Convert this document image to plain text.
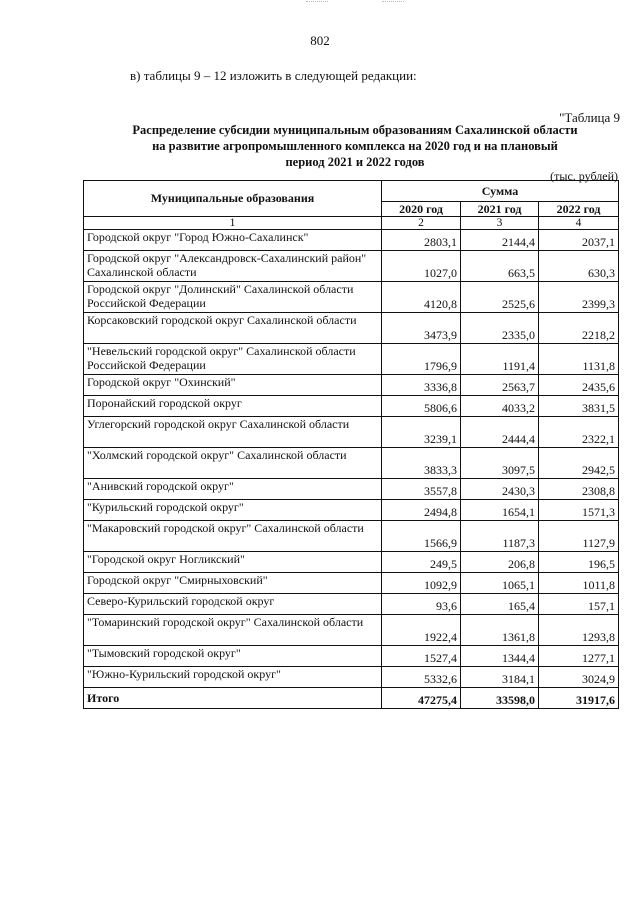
802
в) таблицы 9 – 12 изложить в следующей редакции:
"Таблица 9
Распределение субсидии муниципальным образованиям Сахалинской области
на развитие агропромышленного комплекса на 2020 год и на плановый
период 2021 и 2022 годов
(тыс. рублей)
Муниципальные образования	Сумма		
	2020 год	2021 год	2022 год
1	2	3	4
Городской округ "Город Южно-Сахалинск"	2803,1	2144,4	2037,1
Городской округ "Александровск-Сахалинский район" Сахалинской области	1027,0	663,5	630,3
Городской округ "Долинский" Сахалинской области Российской Федерации	4120,8	2525,6	2399,3
Корсаковский городской округ Сахалинской области	3473,9	2335,0	2218,2
"Невельский городской округ" Сахалинской области Российской Федерации	1796,9	1191,4	1131,8
Городской округ "Охинский"	3336,8	2563,7	2435,6
Поронайский городской округ	5806,6	4033,2	3831,5
Углегорский городской округ Сахалинской области	3239,1	2444,4	2322,1
"Холмский городской округ" Сахалинской области	3833,3	3097,5	2942,5
"Анивский городской округ"	3557,8	2430,3	2308,8
"Курильский городской округ"	2494,8	1654,1	1571,3
"Макаровский городской округ" Сахалинской области	1566,9	1187,3	1127,9
"Городской округ Ногликский"	249,5	206,8	196,5
Городской округ "Смирныховский"	1092,9	1065,1	1011,8
Северо-Курильский городской округ	93,6	165,4	157,1
"Томаринский городской округ" Сахалинской области	1922,4	1361,8	1293,8
"Тымовский городской округ"	1527,4	1344,4	1277,1
"Южно-Курильский городской округ"	5332,6	3184,1	3024,9
Итого	47275,4	33598,0	31917,6
